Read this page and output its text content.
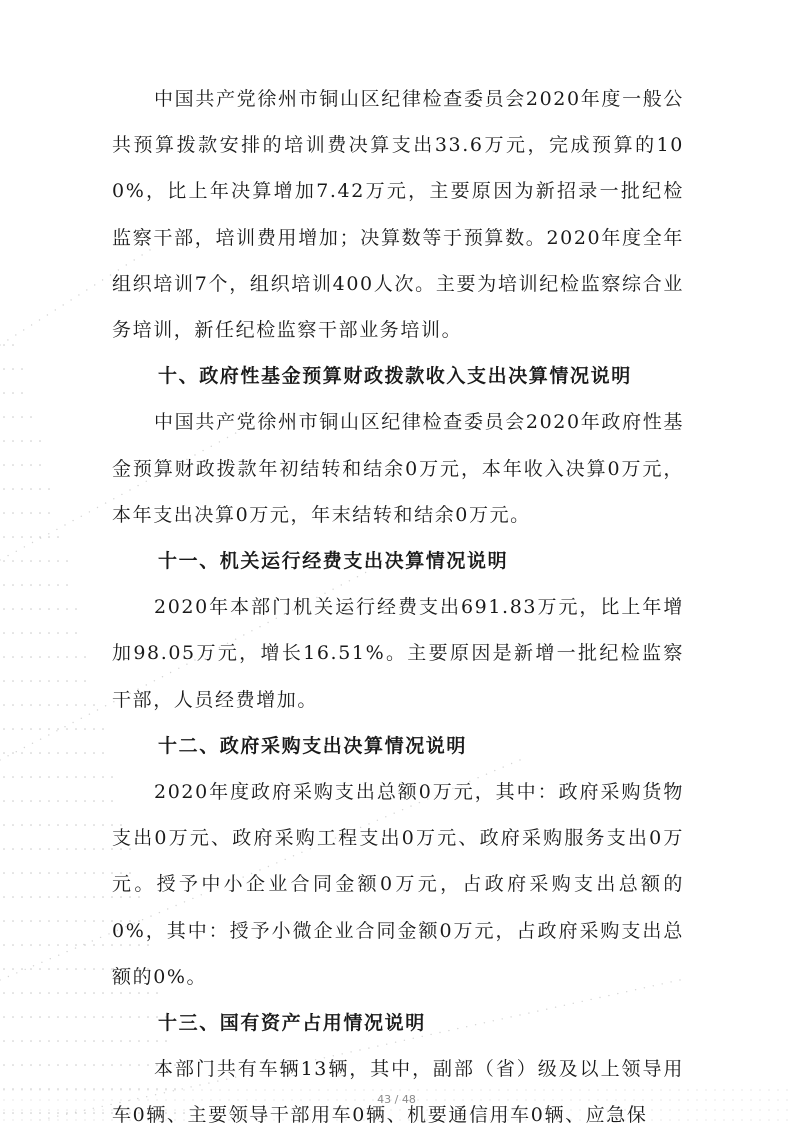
中国共产党徐州市铜山区纪律检查委员会2020年度一般公共预算拨款安排的培训费决算支出33.6万元，完成预算的100%，比上年决算增加7.42万元，主要原因为新招录一批纪检监察干部，培训费用增加；决算数等于预算数。2020年度全年组织培训7个，组织培训400人次。主要为培训纪检监察综合业务培训，新任纪检监察干部业务培训。

十、政府性基金预算财政拨款收入支出决算情况说明

中国共产党徐州市铜山区纪律检查委员会2020年政府性基金预算财政拨款年初结转和结余0万元，本年收入决算0万元，本年支出决算0万元，年末结转和结余0万元。

十一、机关运行经费支出决算情况说明

2020年本部门机关运行经费支出691.83万元，比上年增加98.05万元，增长16.51%。主要原因是新增一批纪检监察干部，人员经费增加。

十二、政府采购支出决算情况说明

2020年度政府采购支出总额0万元，其中：政府采购货物支出0万元、政府采购工程支出0万元、政府采购服务支出0万元。授予中小企业合同金额0万元，占政府采购支出总额的0%，其中：授予小微企业合同金额0万元，占政府采购支出总额的0%。

十三、国有资产占用情况说明

本部门共有车辆13辆，其中，副部（省）级及以上领导用车0辆、主要领导干部用车0辆、机要通信用车0辆、应急保

43 / 48
